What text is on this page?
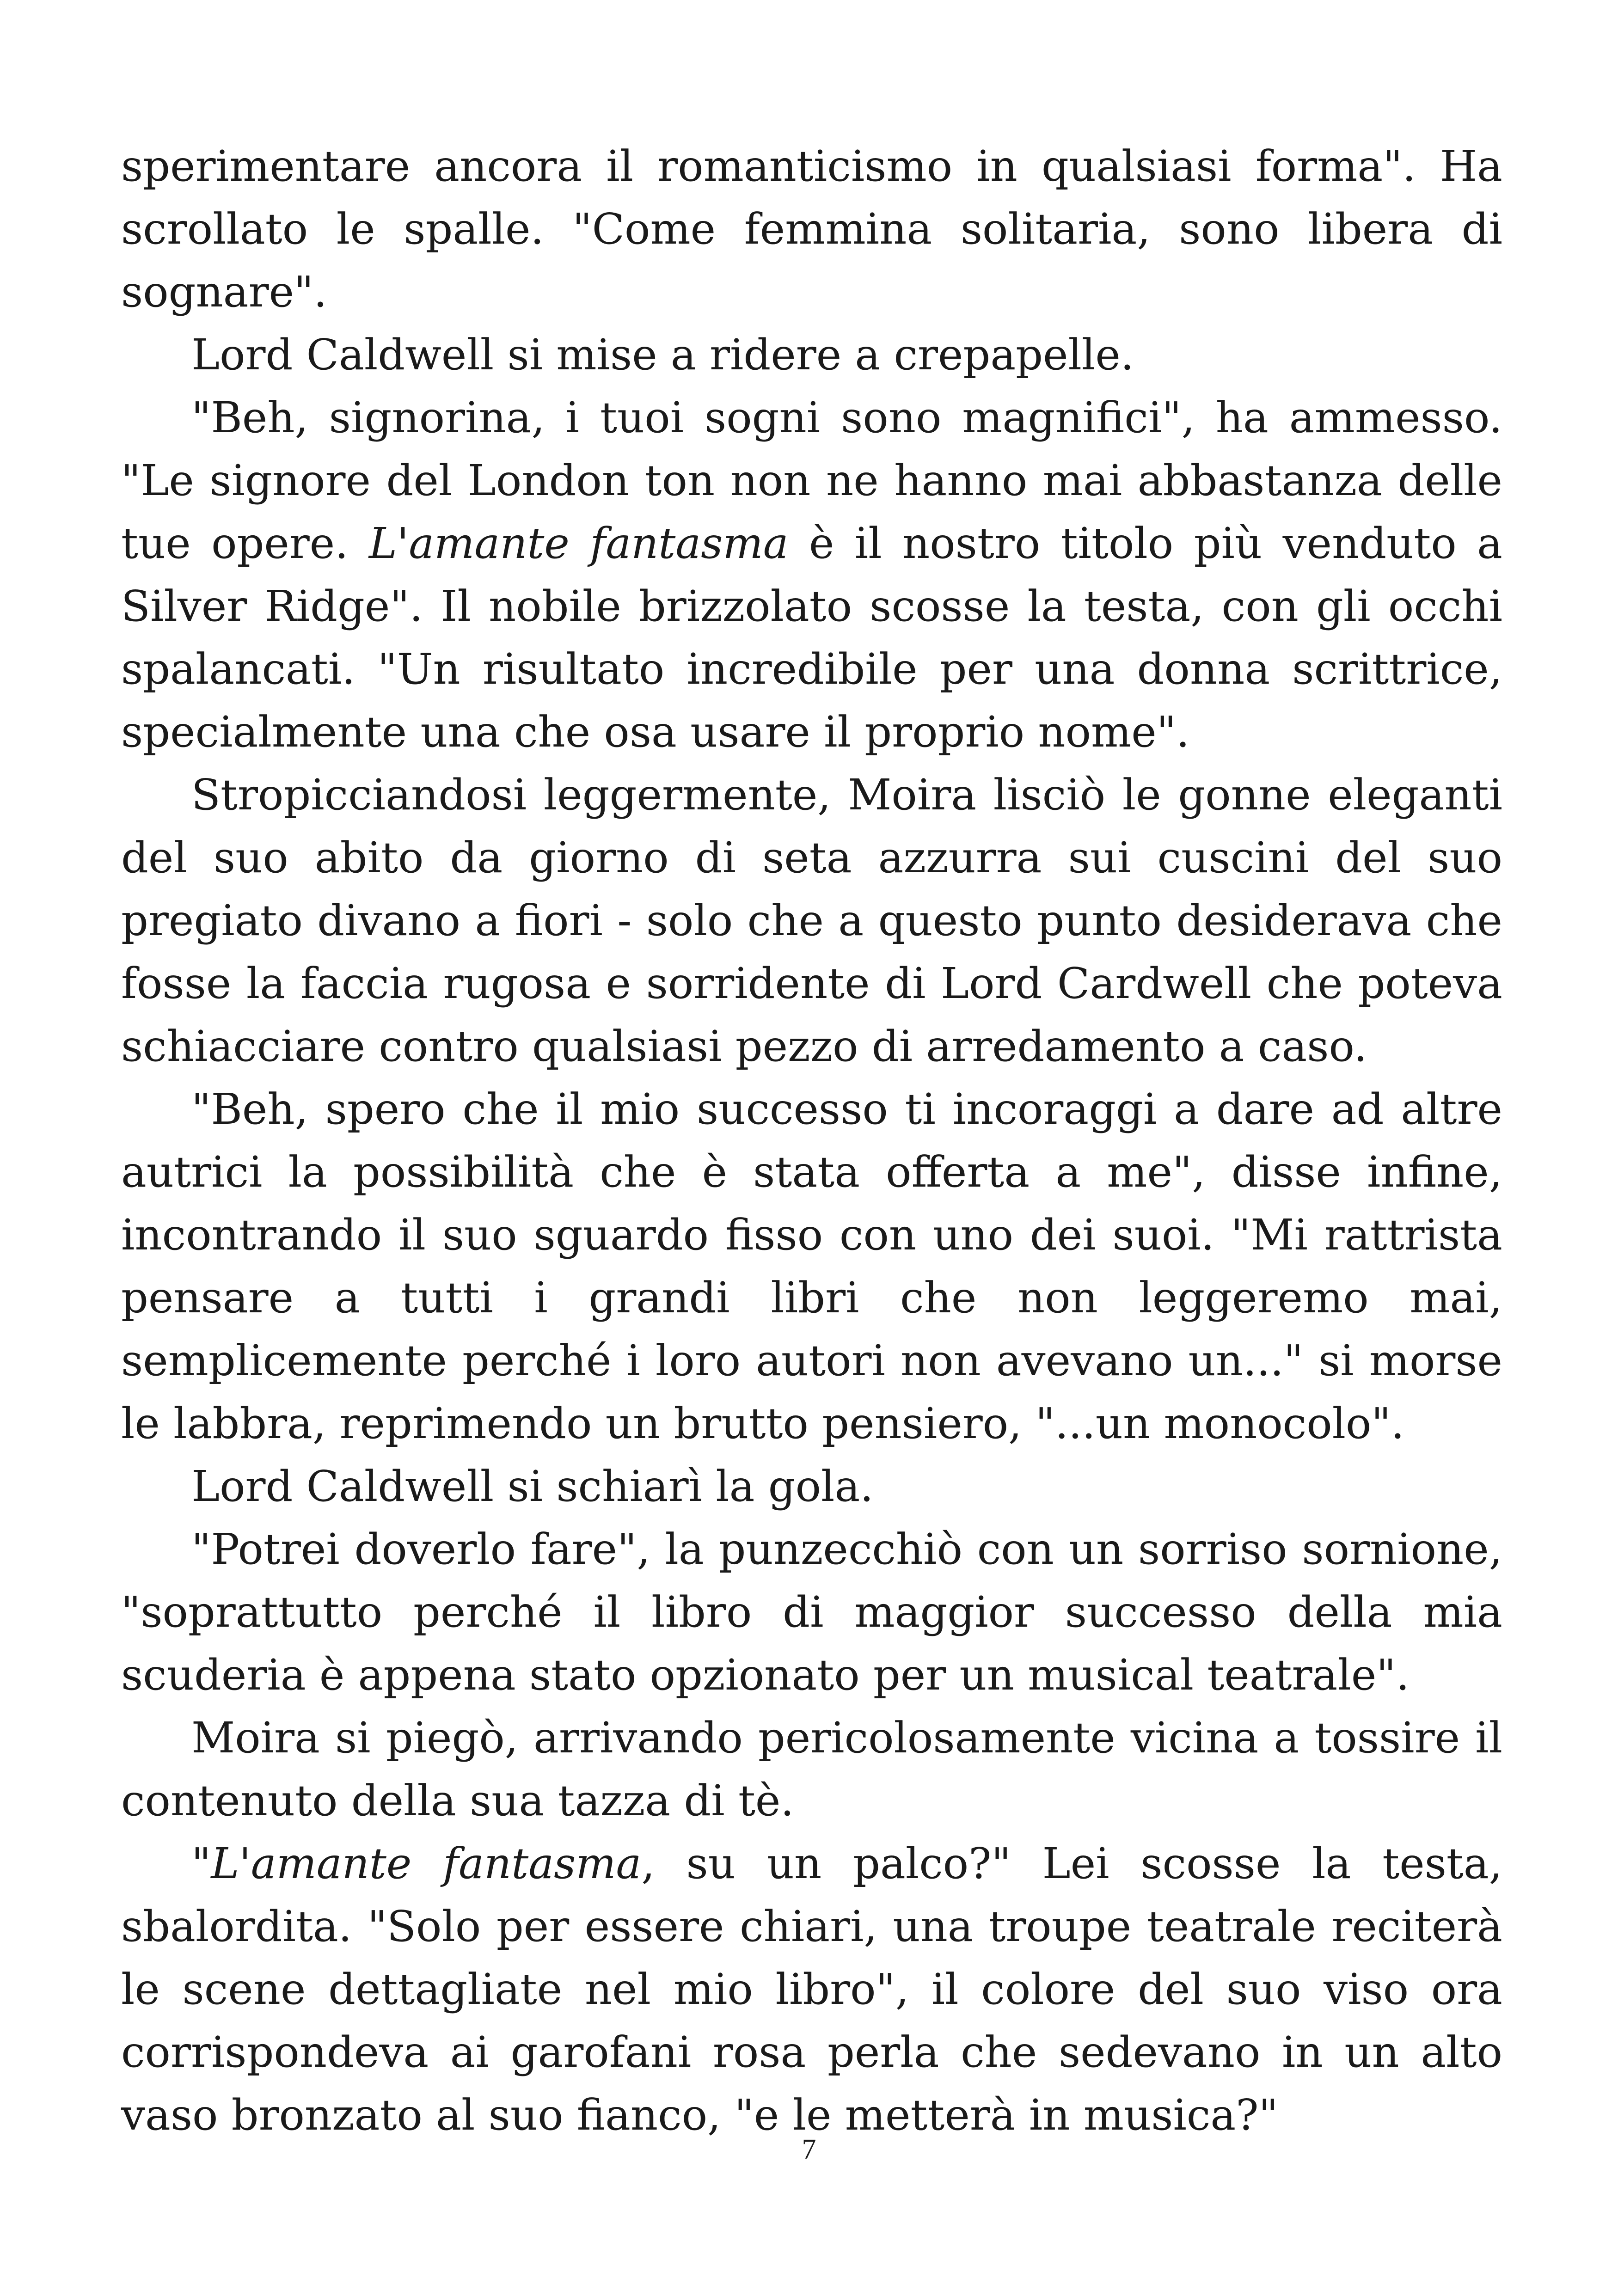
sperimentare ancora il romanticismo in qualsiasi forma". Ha scrollato le spalle. "Come femmina solitaria, sono libera di sognare".

Lord Caldwell si mise a ridere a crepapelle.

"Beh, signorina, i tuoi sogni sono magnifici", ha ammesso. "Le signore del London ton non ne hanno mai abbastanza delle tue opere. L'amante fantasma è il nostro titolo più venduto a Silver Ridge". Il nobile brizzolato scosse la testa, con gli occhi spalancati. "Un risultato incredibile per una donna scrittrice, specialmente una che osa usare il proprio nome".

Stropicciandosi leggermente, Moira lisciò le gonne eleganti del suo abito da giorno di seta azzurra sui cuscini del suo pregiato divano a fiori - solo che a questo punto desiderava che fosse la faccia rugosa e sorridente di Lord Cardwell che poteva schiacciare contro qualsiasi pezzo di arredamento a caso.

"Beh, spero che il mio successo ti incoraggi a dare ad altre autrici la possibilità che è stata offerta a me", disse infine, incontrando il suo sguardo fisso con uno dei suoi. "Mi rattrista pensare a tutti i grandi libri che non leggeremo mai, semplicemente perché i loro autori non avevano un..." si morse le labbra, reprimendo un brutto pensiero, "...un monocolo".

Lord Caldwell si schiarì la gola.

"Potrei doverlo fare", la punzecchiò con un sorriso sornione, "soprattutto perché il libro di maggior successo della mia scuderia è appena stato opzionato per un musical teatrale".

Moira si piegò, arrivando pericolosamente vicina a tossire il contenuto della sua tazza di tè.

"L'amante fantasma, su un palco?" Lei scosse la testa, sbalordita. "Solo per essere chiari, una troupe teatrale reciterà le scene dettagliate nel mio libro", il colore del suo viso ora corrispondeva ai garofani rosa perla che sedevano in un alto vaso bronzato al suo fianco, "e le metterà in musica?"

7
